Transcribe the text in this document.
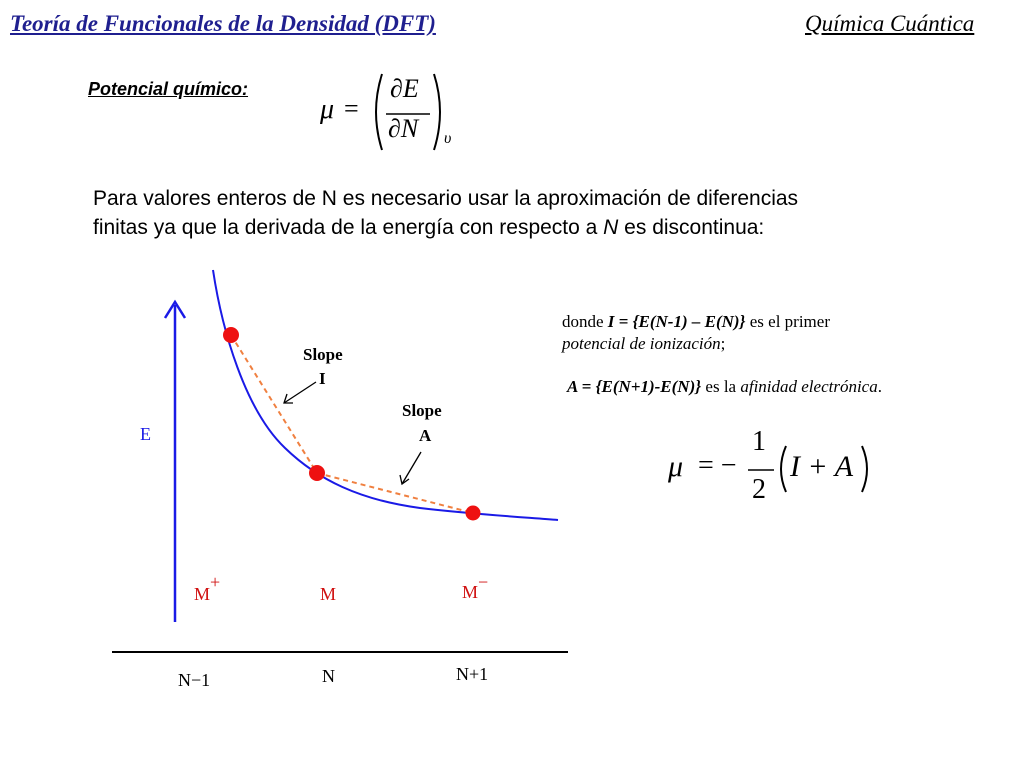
Teoría de Funcionales de la Densidad (DFT)	Química Cuántica
Potencial químico:
μ =
∂E
∂N υ
Para valores enteros de N es necesario usar la aproximación de diferencias
finitas ya que la derivada de la energía con respecto a N es discontinua:
E
Slope
I
Slope
A
M+
M	M−
N−1	N	N+1
donde I = {E(N-1) – E(N)} es el primer
potencial de ionización;
A = {E(N+1)-E(N)} es la afinidad electrónica.
μ = −
1
2
I + A
